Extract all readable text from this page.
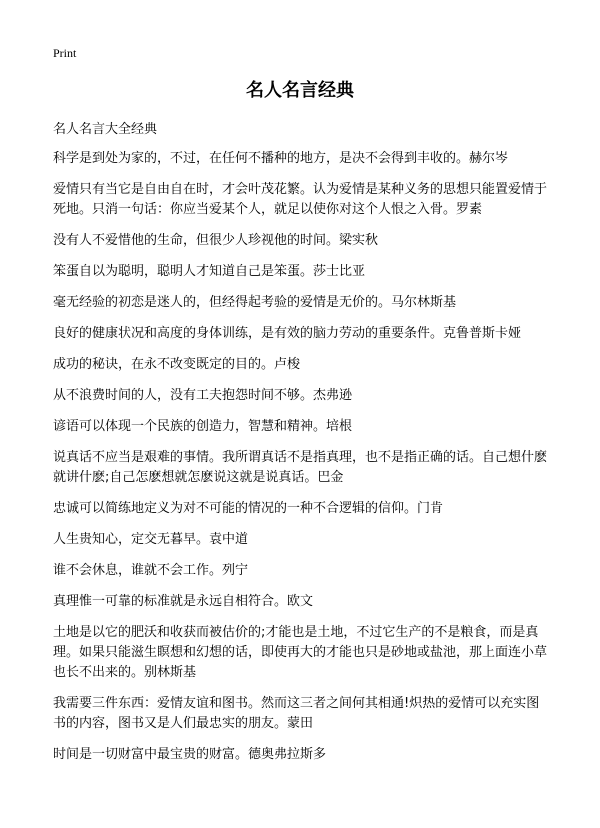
Print
名人名言经典
名人名言大全经典

科学是到处为家的，不过，在任何不播种的地方，是决不会得到丰收的。赫尔岑

爱情只有当它是自由自在时，才会叶茂花繁。认为爱情是某种义务的思想只能置爱情于死地。只消一句话：你应当爱某个人，就足以使你对这个人恨之入骨。罗素

没有人不爱惜他的生命，但很少人珍视他的时间。梁实秋

笨蛋自以为聪明，聪明人才知道自己是笨蛋。莎士比亚

毫无经验的初恋是迷人的，但经得起考验的爱情是无价的。马尔林斯基

良好的健康状况和高度的身体训练，是有效的脑力劳动的重要条件。克鲁普斯卡娅

成功的秘诀，在永不改变既定的目的。卢梭

从不浪费时间的人，没有工夫抱怨时间不够。杰弗逊

谚语可以体现一个民族的创造力，智慧和精神。培根

说真话不应当是艰难的事情。我所谓真话不是指真理，也不是指正确的话。自己想什麽就讲什麽;自己怎麽想就怎麽说这就是说真话。巴金

忠诚可以简练地定义为对不可能的情况的一种不合逻辑的信仰。门肯

人生贵知心，定交无暮早。袁中道

谁不会休息，谁就不会工作。列宁

真理惟一可靠的标准就是永远自相符合。欧文

土地是以它的肥沃和收获而被估价的;才能也是土地，不过它生产的不是粮食，而是真理。如果只能滋生瞑想和幻想的话，即使再大的才能也只是砂地或盐池，那上面连小草也长不出来的。别林斯基

我需要三件东西：爱情友谊和图书。然而这三者之间何其相通!炽热的爱情可以充实图书的内容，图书又是人们最忠实的朋友。蒙田

时间是一切财富中最宝贵的财富。德奥弗拉斯多
